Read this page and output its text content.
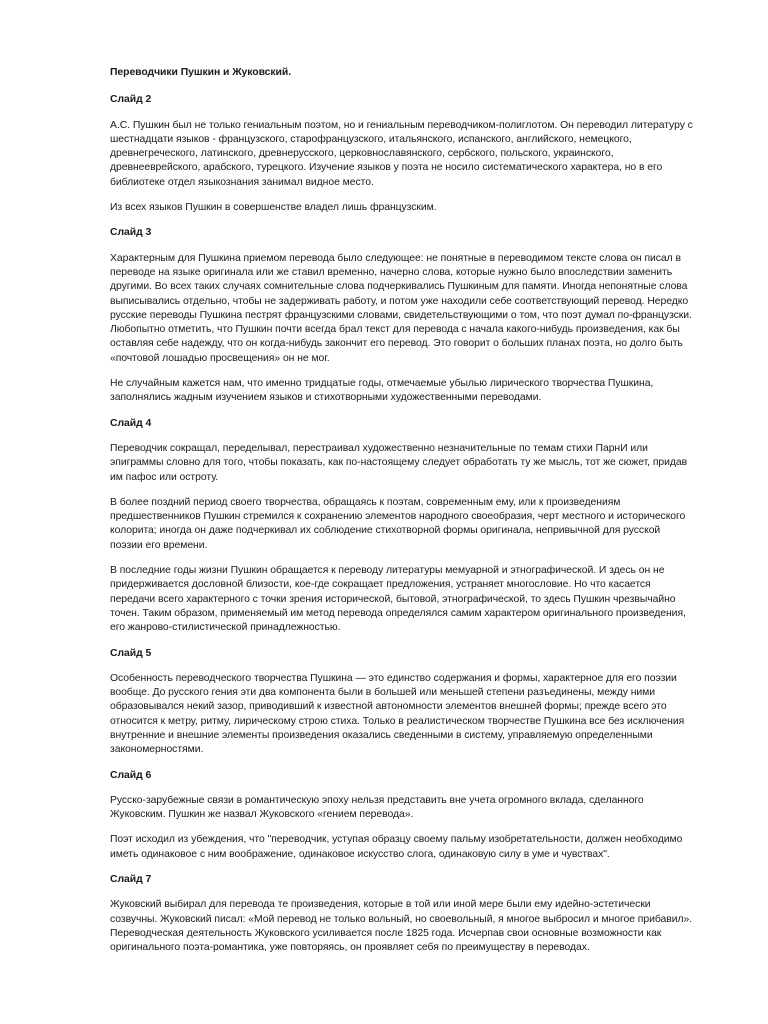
Переводчики Пушкин и Жуковский.
Слайд 2
А.С. Пушкин был не только гениальным поэтом, но и гениальным переводчиком-полиглотом. Он переводил литературу с шестнадцати языков - французского, старофранцузского, итальянского, испанского, английского, немецкого, древнегреческого, латинского, древнерусского, церковнославянского, сербского, польского, украинского, древнееврейского, арабского, турецкого. Изучение языков у поэта не носило систематического характера, но в его библиотеке отдел языкознания занимал видное место.
Из всех языков Пушкин в совершенстве владел лишь французским.
Слайд 3
Характерным для Пушкина приемом перевода было следующее: не понятные в переводимом тексте слова он писал в переводе на языке оригинала или же ставил временно, начерно слова, которые нужно было впоследствии заменить другими. Во всех таких случаях сомнительные слова подчеркивались Пушкиным для памяти. Иногда непонятные слова выписывались отдельно, чтобы не задерживать работу, и потом уже находили себе соответствующий перевод. Нередко русские переводы Пушкина пестрят французскими словами, свидетельствующими о том, что поэт думал по-французски. Любопытно отметить, что Пушкин почти всегда брал текст для перевода с начала какого-нибудь произведения, как бы оставляя себе надежду, что он когда-нибудь закончит его перевод. Это говорит о больших планах поэта, но долго быть «почтовой лошадью просвещения» он не мог.
Не случайным кажется нам, что именно тридцатые годы, отмечаемые убылью лирического творчества Пушкина, заполнялись жадным изучением языков и стихотворными художественными переводами.
Слайд 4
Переводчик сокращал, переделывал, перестраивал художественно незначительные по темам стихи ПарнИ или эпиграммы словно для того, чтобы показать, как по-настоящему следует обработать ту же мысль, тот же сюжет, придав им пафос или остроту.
В более поздний период своего творчества, обращаясь к поэтам, современным ему, или к произведениям предшественников Пушкин стремился к сохранению элементов народного своеобразия, черт местного и исторического колорита; иногда он даже подчеркивал их соблюдение стихотворной формы оригинала, непривычной для русской поэзии его времени.
В последние годы жизни Пушкин обращается к переводу литературы мемуарной и этнографической. И здесь он не придерживается дословной близости, кое-где сокращает предложения, устраняет многословие. Но что касается передачи всего характерного с точки зрения исторической, бытовой, этнографической, то здесь Пушкин чрезвычайно точен. Таким образом, применяемый им метод перевода определялся самим характером оригинального произведения, его жанрово-стилистической принадлежностью.
Слайд 5
Особенность переводческого творчества Пушкина — это единство содержания и формы, характерное для его поэзии вообще. До русского гения эти два компонента были в большей или меньшей степени разъединены, между ними образовывался некий зазор, приводивший к известной автономности элементов внешней формы; прежде всего это относится к метру, ритму, лирическому строю стиха. Только в реалистическом творчестве Пушкина все без исключения внутренние и внешние элементы произведения оказались сведенными в систему, управляемую определенными закономерностями.
Слайд 6
Русско-зарубежные связи в романтическую эпоху нельзя представить вне учета огромного вклада, сделанного Жуковским. Пушкин же назвал Жуковского «гением перевода».
Поэт исходил из убеждения, что "переводчик, уступая образцу своему пальму изобретательности, должен необходимо иметь одинаковое с ним воображение, одинаковое искусство слога, одинаковую силу в уме и чувствах".
Слайд 7
Жуковский выбирал для перевода те произведения, которые в той или иной мере были ему идейно-эстетически созвучны. Жуковский писал: «Мой перевод не только вольный, но своевольный, я многое выбросил и многое прибавил». Переводческая деятельность Жуковского усиливается после 1825 года. Исчерпав свои основные возможности как оригинального поэта-романтика, уже повторяясь, он проявляет себя по преимуществу в переводах.
